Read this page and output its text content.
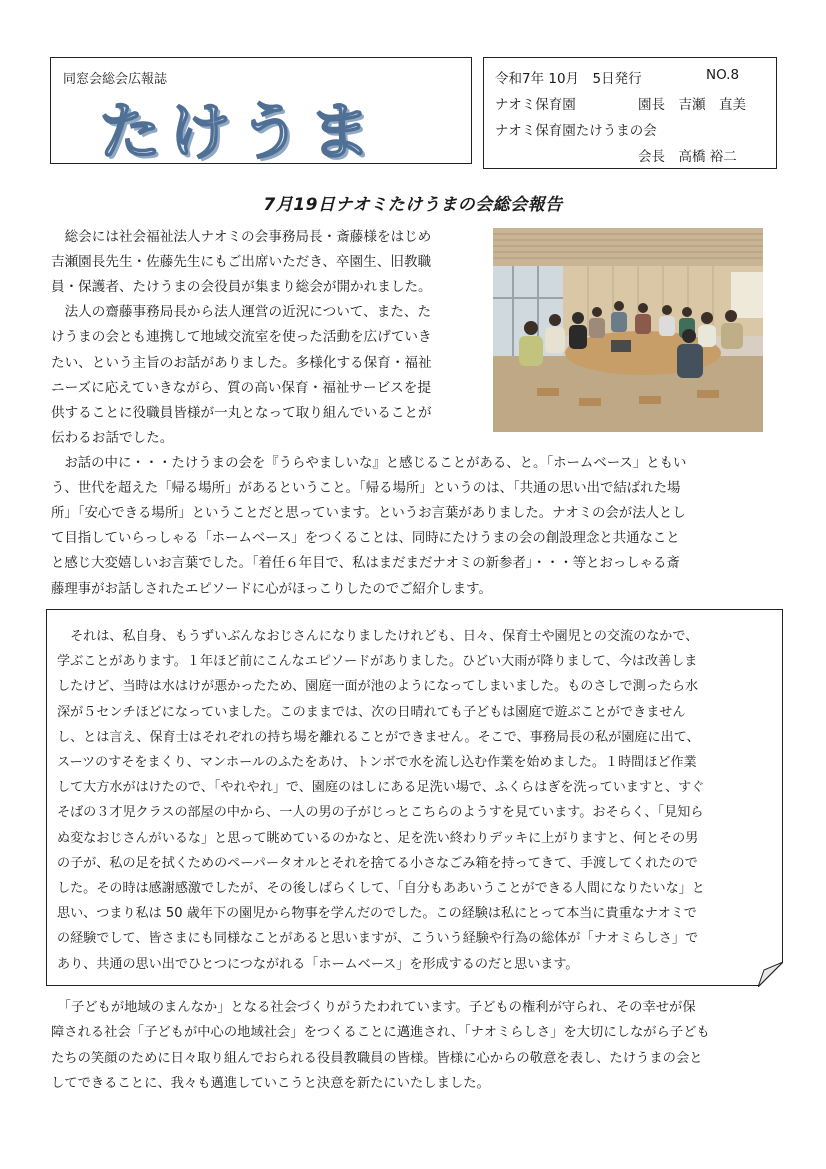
同窓会総会広報誌
たけうま
令和7年 10月　5日発行	NO.8
ナオミ保育園	園長　吉瀬　直美
ナオミ保育園たけうまの会
会長　高橋 裕二
7月19日ナオミたけうまの会総会報告
　総会には社会福祉法人ナオミの会事務局長・斎藤様をはじめ
吉瀬園長先生・佐藤先生にもご出席いただき、卒園生、旧教職
員・保護者、たけうまの会役員が集まり総会が開かれました。
　法人の齋藤事務局長から法人運営の近況について、また、た
けうまの会とも連携して地域交流室を使った活動を広げていき
たい、という主旨のお話がありました。多様化する保育・福祉
ニーズに応えていきながら、質の高い保育・福祉サービスを提
供することに役職員皆様が一丸となって取り組んでいることが
伝わるお話でした。
　お話の中に・・・たけうまの会を『うらやましいな』と感じることがある、と。「ホームベース」ともい
う、世代を超えた「帰る場所」があるということ。「帰る場所」というのは、「共通の思い出で結ばれた場
所」「安心できる場所」ということだと思っています。というお言葉がありました。ナオミの会が法人とし
て目指していらっしゃる「ホームベース」をつくることは、同時にたけうまの会の創設理念と共通なこと
と感じ大変嬉しいお言葉でした。「着任６年目で、私はまだまだナオミの新参者」・・・等とおっしゃる斎
藤理事がお話しされたエピソードに心がほっこりしたのでご紹介します。
　それは、私自身、もうずいぶんなおじさんになりましたけれども、日々、保育士や園児との交流のなかで、
学ぶことがあります。１年ほど前にこんなエピソードがありました。ひどい大雨が降りまして、今は改善しま
したけど、当時は水はけが悪かったため、園庭一面が池のようになってしまいました。ものさしで測ったら水
深が５センチほどになっていました。このままでは、次の日晴れても子どもは園庭で遊ぶことができません
し、とは言え、保育士はそれぞれの持ち場を離れることができません。そこで、事務局長の私が園庭に出て、
スーツのすそをまくり、マンホールのふたをあけ、トンボで水を流し込む作業を始めました。１時間ほど作業
して大方水がはけたので、「やれやれ」で、園庭のはしにある足洗い場で、ふくらはぎを洗っていますと、すぐ
そばの３才児クラスの部屋の中から、一人の男の子がじっとこちらのようすを見ています。おそらく、「見知ら
ぬ変なおじさんがいるな」と思って眺めているのかなと、足を洗い終わりデッキに上がりますと、何とその男
の子が、私の足を拭くためのペーパータオルとそれを捨てる小さなごみ箱を持ってきて、手渡してくれたので
した。その時は感謝感激でしたが、その後しばらくして、「自分もああいうことができる人間になりたいな」と
思い、つまり私は 50 歳年下の園児から物事を学んだのでした。この経験は私にとって本当に貴重なナオミで
の経験でして、皆さまにも同様なことがあると思いますが、こういう経験や行為の総体が「ナオミらしさ」で
あり、共通の思い出でひとつにつながれる「ホームベース」を形成するのだと思います。
　「子どもが地域のまんなか」となる社会づくりがうたわれています。子どもの権利が守られ、その幸せが保
障される社会「子どもが中心の地域社会」をつくることに邁進され、「ナオミらしさ」を大切にしながら子ども
たちの笑顔のために日々取り組んでおられる役員教職員の皆様。皆様に心からの敬意を表し、たけうまの会と
してできることに、我々も邁進していこうと決意を新たにいたしました。
